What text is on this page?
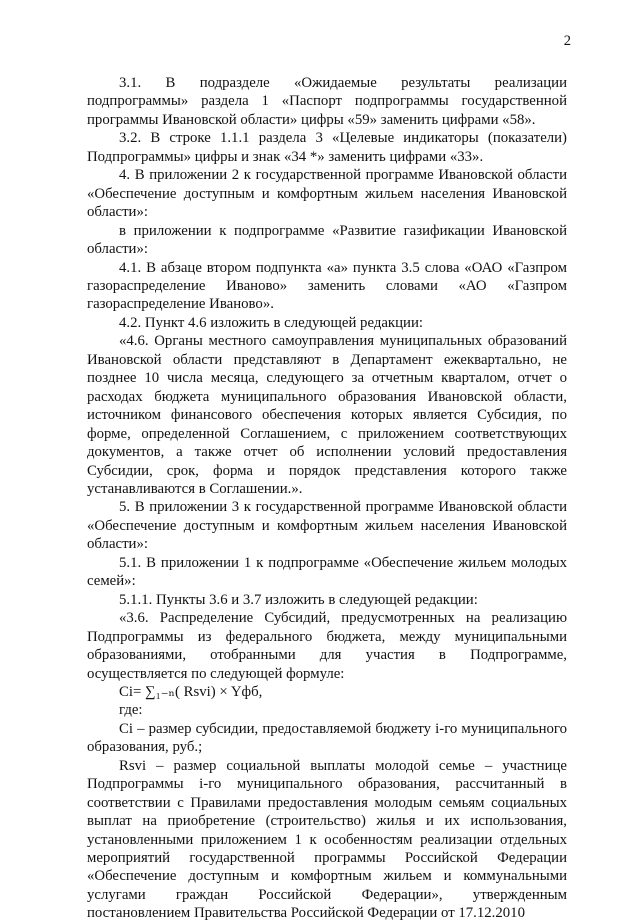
2

3.1. В подразделе «Ожидаемые результаты реализации подпрограммы» раздела 1 «Паспорт подпрограммы государственной программы Ивановской области» цифры «59» заменить цифрами «58».

3.2. В строке 1.1.1 раздела 3 «Целевые индикаторы (показатели) Подпрограммы» цифры и знак «34 *» заменить цифрами «33».

4. В приложении 2 к государственной программе Ивановской области «Обеспечение доступным и комфортным жильем населения Ивановской области»:

в приложении к подпрограмме «Развитие газификации Ивановской области»:

4.1. В абзаце втором подпункта «а» пункта 3.5 слова «ОАО «Газпром газораспределение Иваново» заменить словами «АО «Газпром газораспределение Иваново».

4.2. Пункт 4.6 изложить в следующей редакции:

«4.6. Органы местного самоуправления муниципальных образований Ивановской области представляют в Департамент ежеквартально, не позднее 10 числа месяца, следующего за отчетным кварталом, отчет о расходах бюджета муниципального образования Ивановской области, источником финансового обеспечения которых является Субсидия, по форме, определенной Соглашением, с приложением соответствующих документов, а также отчет об исполнении условий предоставления Субсидии, срок, форма и порядок представления которого также устанавливаются в Соглашении.».

5. В приложении 3 к государственной программе Ивановской области «Обеспечение доступным и комфортным жильем населения Ивановской области»:

5.1. В приложении 1 к подпрограмме «Обеспечение жильем молодых семей»:

5.1.1. Пункты 3.6 и 3.7 изложить в следующей редакции:

«3.6. Распределение Субсидий, предусмотренных на реализацию Подпрограммы из федерального бюджета, между муниципальными образованиями, отобранными для участия в Подпрограмме, осуществляется по следующей формуле:

Ci= ∑₁₋ₙ( Rsvi) × Yфб,

где:

Ci – размер субсидии, предоставляемой бюджету i-го муниципального образования, руб.;

Rsvi – размер социальной выплаты молодой семье – участнице Подпрограммы i-го муниципального образования, рассчитанный в соответствии с Правилами предоставления молодым семьям социальных выплат на приобретение (строительство) жилья и их использования, установленными приложением 1 к особенностям реализации отдельных мероприятий государственной программы Российской Федерации «Обеспечение доступным и комфортным жильем и коммунальными услугами граждан Российской Федерации», утвержденным постановлением Правительства Российской Федерации от 17.12.2010
